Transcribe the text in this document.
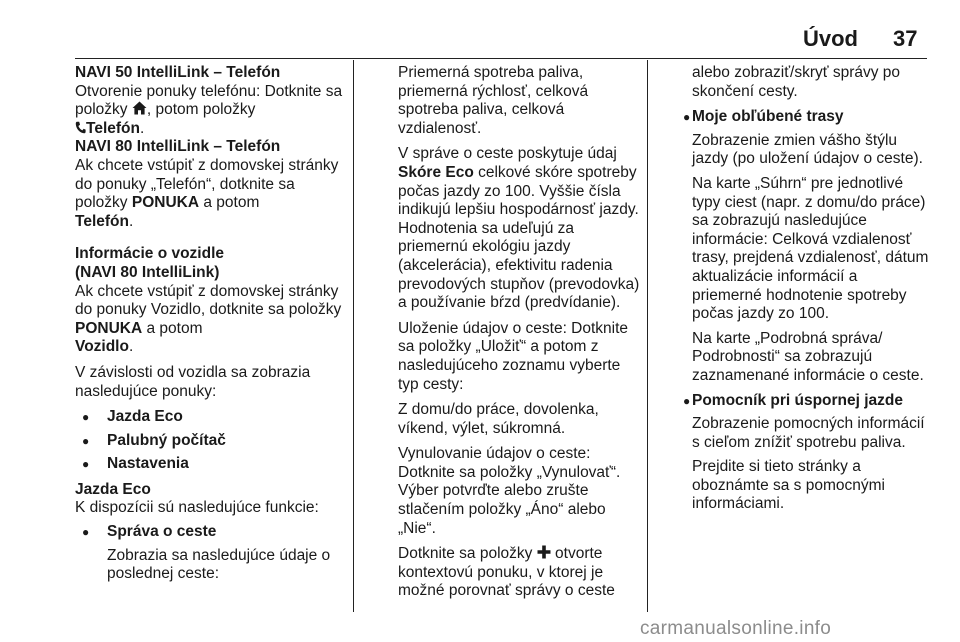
Úvod 37

NAVI 50 IntelliLink – Telefón
Otvorenie ponuky telefónu: Dotknite sa položky , potom položky
Telefón.

NAVI 80 IntelliLink – Telefón
Ak chcete vstúpiť z domovskej stránky do ponuky „Telefón“, dotknite sa položky PONUKA a potom
Telefón.

Informácie o vozidle
(NAVI 80 IntelliLink)
Ak chcete vstúpiť z domovskej stránky do ponuky Vozidlo, dotknite sa položky PONUKA a potom
Vozidlo.

V závislosti od vozidla sa zobrazia nasledujúce ponuky:

● Jazda Eco
● Palubný počítač
● Nastavenia

Jazda Eco
K dispozícii sú nasledujúce funkcie:

● Správa o ceste

Zobrazia sa nasledujúce údaje o poslednej ceste:

Priemerná spotreba paliva, priemerná rýchlosť, celková spotreba paliva, celková vzdialenosť.

V správe o ceste poskytuje údaj Skóre Eco celkové skóre spotreby počas jazdy zo 100. Vyššie čísla indikujú lepšiu hospodárnosť jazdy. Hodnotenia sa udeľujú za priemernú ekológiu jazdy (akcelerácia), efektivitu radenia prevodových stupňov (prevodovka) a používanie bŕzd (predvídanie).

Uloženie údajov o ceste: Dotknite sa položky „Uložiť“ a potom z nasledujúceho zoznamu vyberte typ cesty:

Z domu/do práce, dovolenka, víkend, výlet, súkromná.

Vynulovanie údajov o ceste: Dotknite sa položky „Vynulovať“. Výber potvrďte alebo zrušte stlačením položky „Áno“ alebo „Nie“.

Dotknite sa položky  otvorte kontextovú ponuku, v ktorej je možné porovnať správy o ceste

alebo zobraziť/skryť správy po skončení cesty.

● Moje obľúbené trasy

Zobrazenie zmien vášho štýlu jazdy (po uložení údajov o ceste).

Na karte „Súhrn“ pre jednotlivé typy ciest (napr. z domu/do práce) sa zobrazujú nasledujúce informácie: Celková vzdialenosť trasy, prejdená vzdialenosť, dátum aktualizácie informácií a priemerné hodnotenie spotreby počas jazdy zo 100.

Na karte „Podrobná správa/ Podrobnosti“ sa zobrazujú zaznamenané informácie o ceste.

● Pomocník pri úspornej jazde

Zobrazenie pomocných informácií s cieľom znížiť spotrebu paliva.

Prejdite si tieto stránky a oboznámte sa s pomocnými informáciami.

carmanualsonline.info
